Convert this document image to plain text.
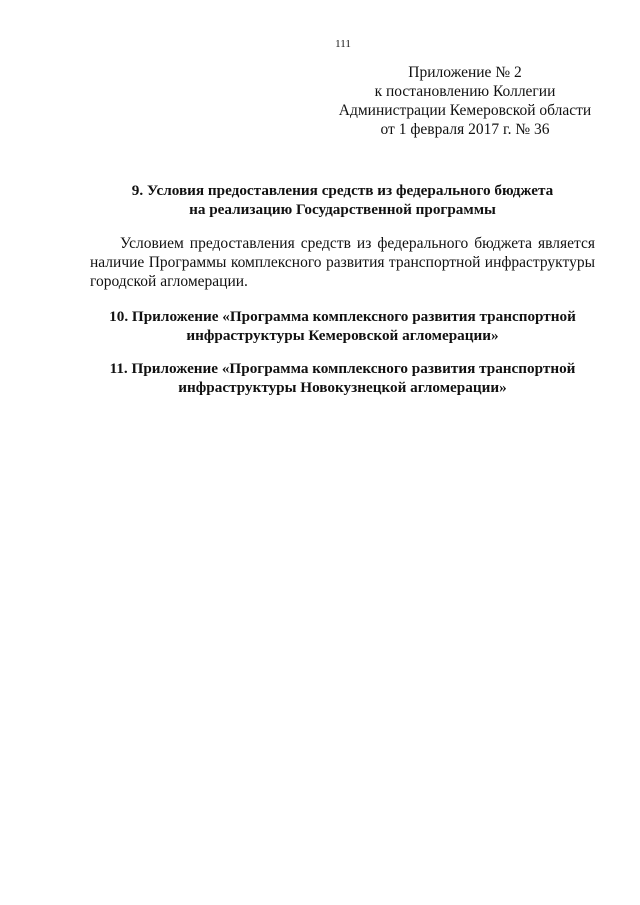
111
Приложение № 2
к постановлению Коллегии
Администрации Кемеровской области
от 1 февраля 2017 г. № 36
9. Условия предоставления средств из федерального бюджета
на реализацию Государственной программы
Условием предоставления средств из федерального бюджета является
наличие Программы комплексного развития транспортной инфраструктуры
городской агломерации.
10. Приложение «Программа комплексного развития транспортной
инфраструктуры Кемеровской агломерации»
11. Приложение «Программа комплексного развития транспортной
инфраструктуры Новокузнецкой агломерации»
